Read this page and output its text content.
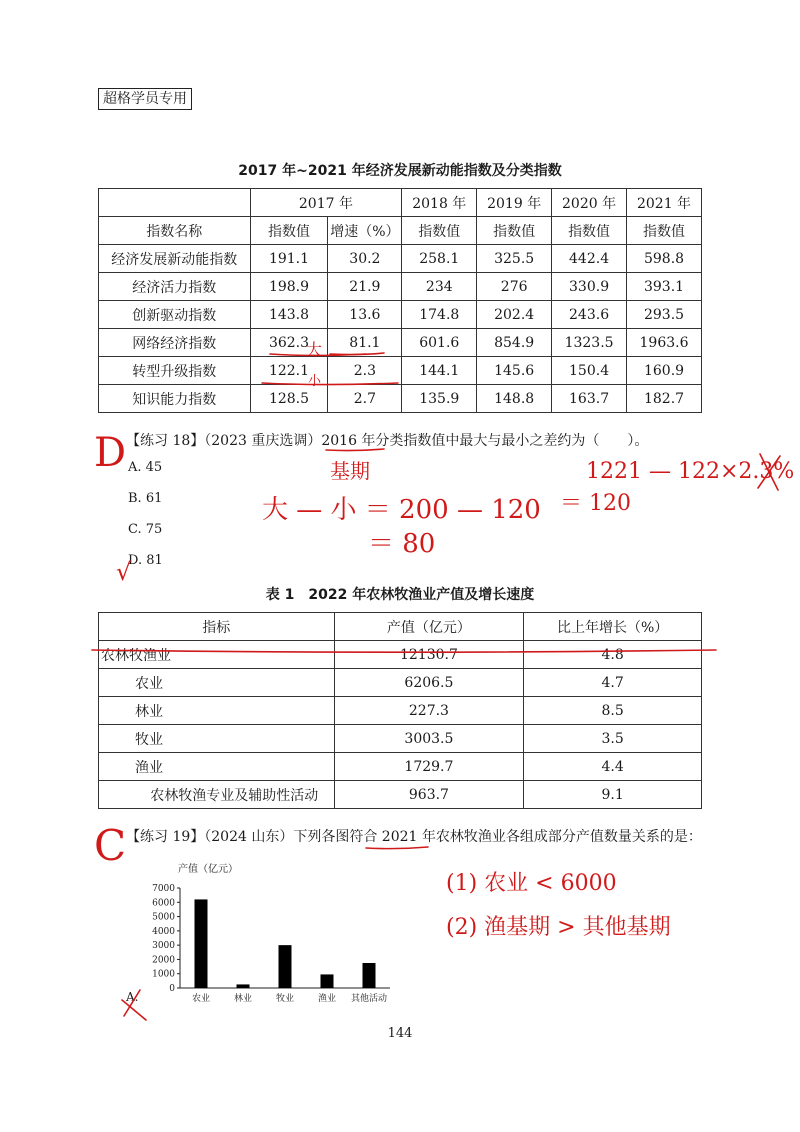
超格学员专用
2017 年~2021 年经济发展新动能指数及分类指数
	2017 年		2018 年	2019 年	2020 年	2021 年
指数名称	指数值	增速（%）	指数值	指数值	指数值	指数值
经济发展新动能指数	191.1	30.2	258.1	325.5	442.4	598.8
经济活力指数	198.9	21.9	234	276	330.9	393.1
创新驱动指数	143.8	13.6	174.8	202.4	243.6	293.5
网络经济指数	362.3	81.1	601.6	854.9	1323.5	1963.6
转型升级指数	122.1	2.3	144.1	145.6	150.4	160.9
知识能力指数	128.5	2.7	135.9	148.8	163.7	182.7
【练习 18】（2023 重庆选调）2016 年分类指数值中最大与最小之差约为（　　）。
A. 45
B. 61
C. 75
D. 81
表 1　2022 年农林牧渔业产值及增长速度
指标	产值（亿元）	比上年增长（%）
农林牧渔业	12130.7	4.8
农业	6206.5	4.7
林业	227.3	8.5
牧业	3003.5	3.5
渔业	1729.7	4.4
农林牧渔专业及辅助性活动	963.7	9.1
【练习 19】（2024 山东）下列各图符合 2021 年农林牧渔业各组成部分产值数量关系的是：
A.
产值（亿元）
0
1000
2000
3000
4000
5000
6000
7000
农业	林业	牧业	渔业 其他活动
D	基期
大
小
大 — 小 ＝ 200 — 120
＝ 80
1221 — 122×2.3%
＝ 120
√
C
(1) 农业 < 6000
(2) 渔基期 > 其他基期
144
